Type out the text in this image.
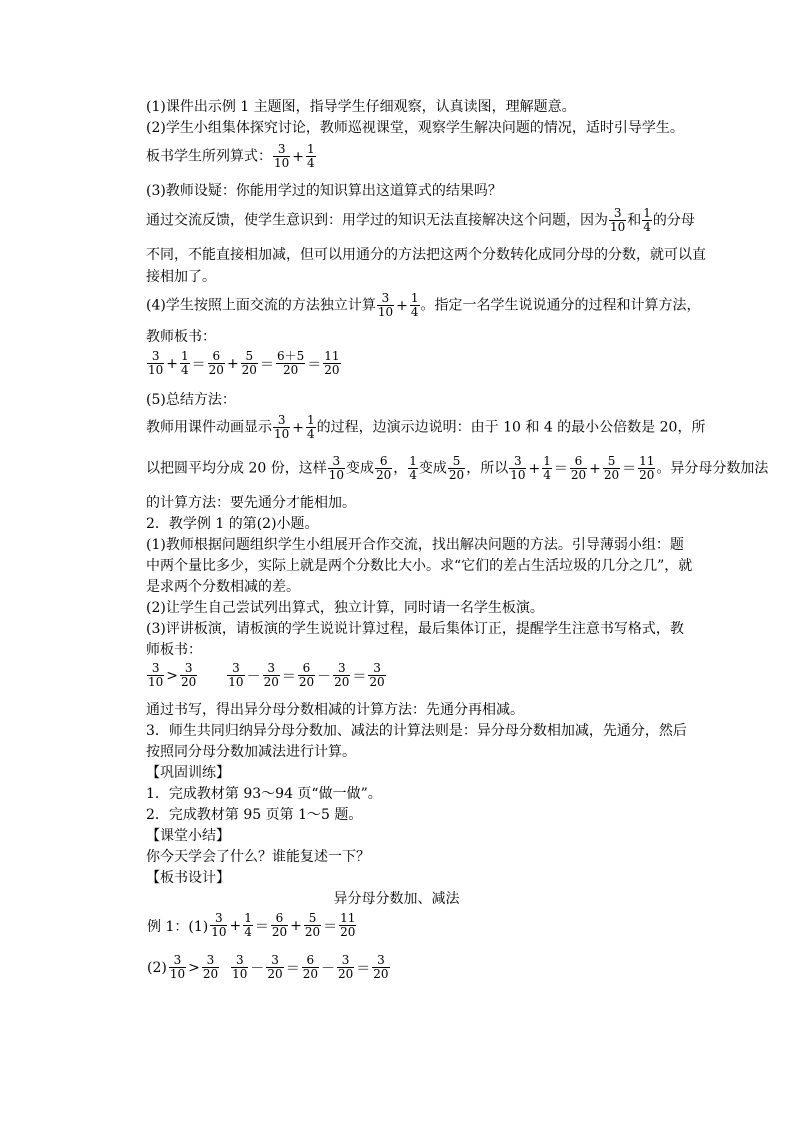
(1)课件出示例 1 主题图，指导学生仔细观察，认真读图，理解题意。
(2)学生小组集体探究讨论，教师巡视课堂，观察学生解决问题的情况，适时引导学生。
板书学生所列算式： $\frac{3}{10} + \frac{1}{4}$
(3)教师设疑：你能用学过的知识算出这道算式的结果吗？
通过交流反馈，使学生意识到：用学过的知识无法直接解决这个问题，因为 $\frac{3}{10}$ 和 $\frac{1}{4}$ 的分母
不同，不能直接相加减，但可以用通分的方法把这两个分数转化成同分母的分数，就可以直
接相加了。
(4)学生按照上面交流的方法独立计算 $\frac{3}{10} + \frac{1}{4}$ 。指定一名学生说说通分的过程和计算方法，
教师板书：
$\frac{3}{10} + \frac{1}{4} = \frac{6}{20} + \frac{5}{20} = \frac{6+5}{20} = \frac{11}{20}$
(5)总结方法：
教师用课件动画显示 $\frac{3}{10} + \frac{1}{4}$ 的过程，边演示边说明：由于 10 和 4 的最小公倍数是 20，所
以把圆平均分成 20 份，这样 $\frac{3}{10}$ 变成 $\frac{6}{20}$ ， $\frac{1}{4}$ 变成 $\frac{5}{20}$ ，所以 $\frac{3}{10} + \frac{1}{4} = \frac{6}{20} + \frac{5}{20} = \frac{11}{20}$ 。异分母分数加法
的计算方法：要先通分才能相加。
2．教学例 1 的第(2)小题。
(1)教师根据问题组织学生小组展开合作交流，找出解决问题的方法。引导薄弱小组：题
中两个量比多少，实际上就是两个分数比大小。求“它们的差占生活垃圾的几分之几”，就
是求两个分数相减的差。
(2)让学生自己尝试列出算式，独立计算，同时请一名学生板演。
(3)评讲板演，请板演的学生说说计算过程，最后集体订正，提醒学生注意书写格式，教
师板书：
$\frac{3}{10} > \frac{3}{20}$	$\frac{3}{10} - \frac{3}{20} = \frac{6}{20} - \frac{3}{20} = \frac{3}{20}$
通过书写，得出异分母分数相减的计算方法：先通分再相减。
3．师生共同归纳异分母分数加、减法的计算法则是：异分母分数相加减，先通分，然后
按照同分母分数加减法进行计算。
【巩固训练】
1．完成教材第 93～94 页“做一做”。
2．完成教材第 95 页第 1～5 题。
【课堂小结】
你今天学会了什么？谁能复述一下？
【板书设计】
异分母分数加、减法
例 1：$(1) \frac{3}{10} + \frac{1}{4} = \frac{6}{20} + \frac{5}{20} = \frac{11}{20}$
$(2) \frac{3}{10} > \frac{3}{20} \frac{3}{10} - \frac{3}{20} = \frac{6}{20} - \frac{3}{20} = \frac{3}{20}$
